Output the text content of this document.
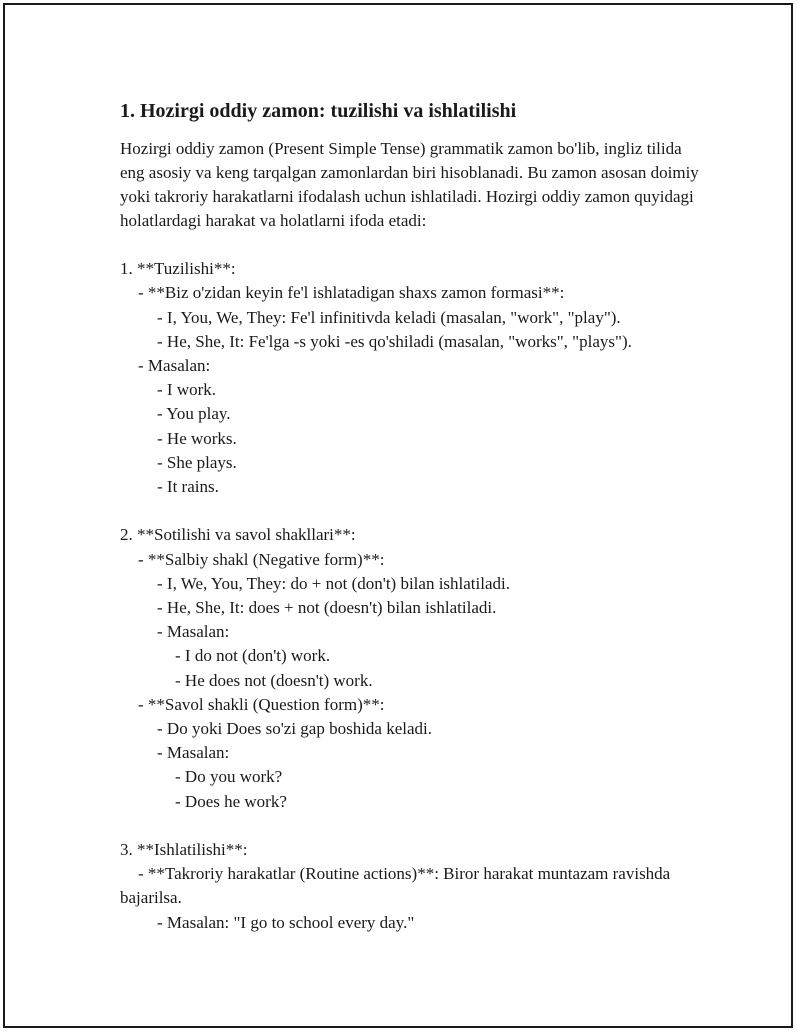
1. Hozirgi oddiy zamon: tuzilishi va ishlatilishi

Hozirgi oddiy zamon (Present Simple Tense) grammatik zamon bo'lib, ingliz tilida eng asosiy va keng tarqalgan zamonlardan biri hisoblanadi. Bu zamon asosan doimiy yoki takroriy harakatlarni ifodalash uchun ishlatiladi. Hozirgi oddiy zamon quyidagi holatlardagi harakat va holatlarni ifoda etadi:

1. **Tuzilishi**:
- **Biz o'zidan keyin fe'l ishlatadigan shaxs zamon formasi**:
- I, You, We, They: Fe'l infinitivda keladi (masalan, "work", "play").
- He, She, It: Fe'lga -s yoki -es qo'shiladi (masalan, "works", "plays").
- Masalan:
- I work.
- You play.
- He works.
- She plays.
- It rains.
2. **Sotilishi va savol shakllari**:
- **Salbiy shakl (Negative form)**:
- I, We, You, They: do + not (don't) bilan ishlatiladi.
- He, She, It: does + not (doesn't) bilan ishlatiladi.
- Masalan:
- I do not (don't) work.
- He does not (doesn't) work.
- **Savol shakli (Question form)**:
- Do yoki Does so'zi gap boshida keladi.
- Masalan:
- Do you work?
- Does he work?
3. **Ishlatilishi**:
- **Takroriy harakatlar (Routine actions)**: Biror harakat muntazam ravishda bajarilsa.
- Masalan: "I go to school every day."
